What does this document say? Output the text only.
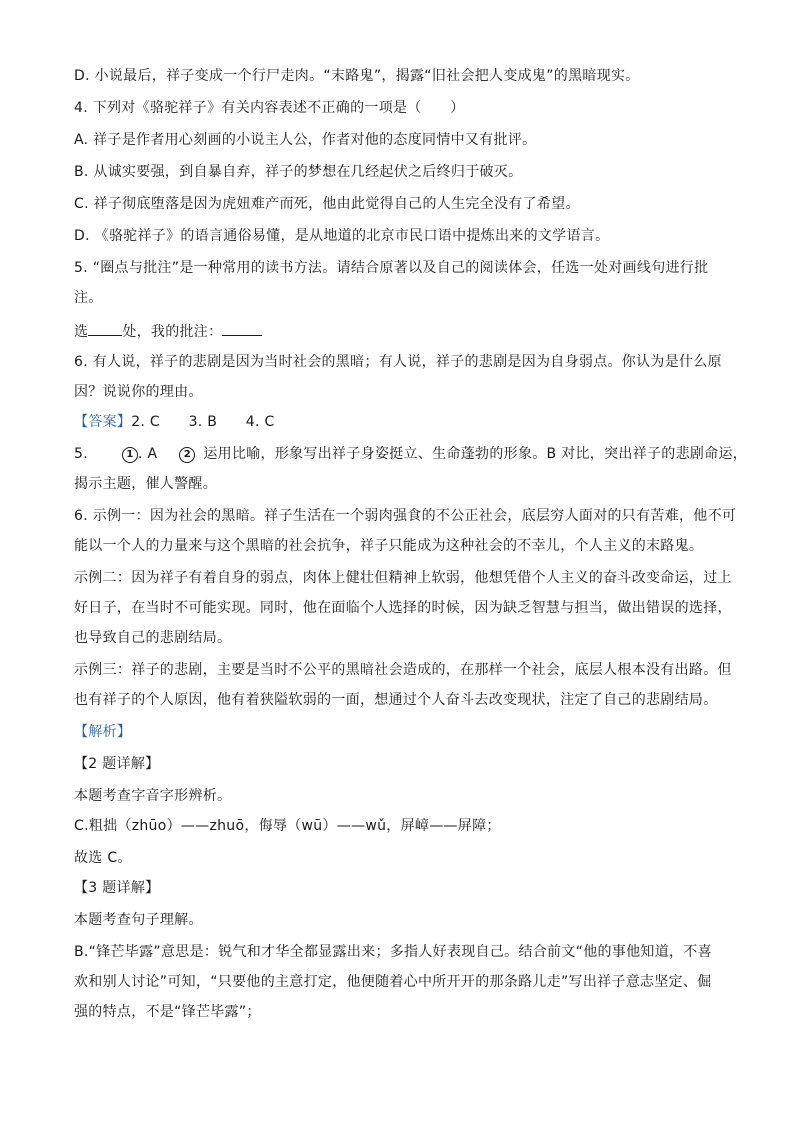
D. 小说最后，祥子变成一个行尸走肉。“末路鬼”，揭露“旧社会把人变成鬼”的黑暗现实。
4. 下列对《骆驼祥子》有关内容表述不正确的一项是（　　）
A. 祥子是作者用心刻画的小说主人公，作者对他的态度同情中又有批评。
B. 从诚实要强，到自暴自弃，祥子的梦想在几经起伏之后终归于破灭。
C. 祥子彻底堕落是因为虎妞难产而死，他由此觉得自己的人生完全没有了希望。
D. 《骆驼祥子》的语言通俗易懂，是从地道的北京市民口语中提炼出来的文学语言。
5. “圈点与批注”是一种常用的读书方法。请结合原著以及自己的阅读体会，任选一处对画线句进行批
注。
选 处，我的批注：
6. 有人说，祥子的悲剧是因为当时社会的黑暗；有人说，祥子的悲剧是因为自身弱点。你认为是什么原
因？说说你的理由。
【答案】2. C　　3. B　　4. C
5.	1 . A	2 运用比喻，形象写出祥子身姿挺立、生命蓬勃的形象。B 对比，突出祥子的悲剧命运，
揭示主题，催人警醒。
6. 示例一：因为社会的黑暗。祥子生活在一个弱肉强食的不公正社会，底层穷人面对的只有苦难，他不可
能以一个人的力量来与这个黑暗的社会抗争，祥子只能成为这种社会的不幸儿，个人主义的末路鬼。
示例二：因为祥子有着自身的弱点，肉体上健壮但精神上软弱，他想凭借个人主义的奋斗改变命运，过上
好日子，在当时不可能实现。同时，他在面临个人选择的时候，因为缺乏智慧与担当，做出错误的选择，
也导致自己的悲剧结局。
示例三：祥子的悲剧，主要是当时不公平的黑暗社会造成的，在那样一个社会，底层人根本没有出路。但
也有祥子的个人原因，他有着狭隘软弱的一面，想通过个人奋斗去改变现状，注定了自己的悲剧结局。
【解析】
【2 题详解】
本题考查字音字形辨析。
C.粗拙（zhūo）——zhuō，侮辱（wū）——wǔ，屏嶂——屏障；
故选 C。
【3 题详解】
本题考查句子理解。
B.“锋芒毕露”意思是：锐气和才华全都显露出来；多指人好表现自己。结合前文“他的事他知道，不喜
欢和别人讨论”可知，“只要他的主意打定，他便随着心中所开开的那条路儿走”写出祥子意志坚定、倔
强的特点，不是“锋芒毕露”；
